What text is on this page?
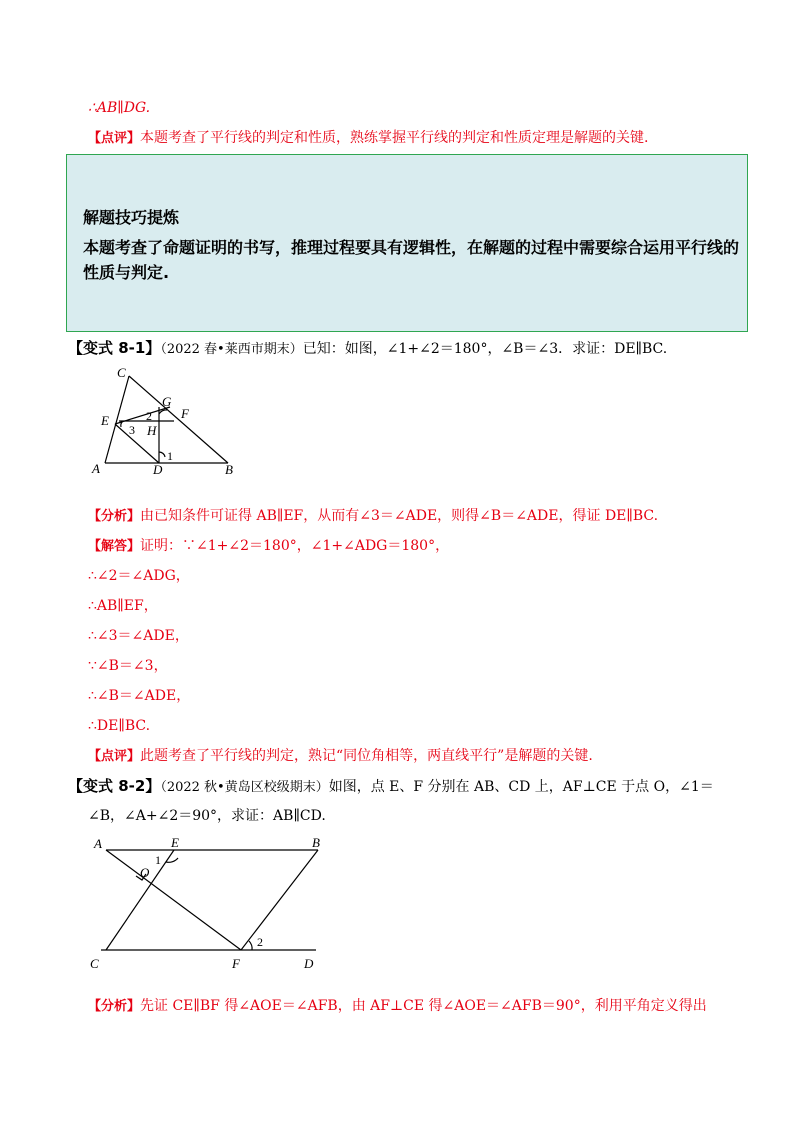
∴AB∥DG.
【点评】本题考查了平行线的判定和性质，熟练掌握平行线的判定和性质定理是解题的关键.
解题技巧提炼
本题考查了命题证明的书写，推理过程要具有逻辑性，在解题的过程中需要综合运用平行线的性质与判定.
【变式 8-1】（2022 春•莱西市期末）已知：如图，∠1+∠2＝180°，∠B＝∠3．求证：DE∥BC.
C
E
G
F
H
A	D	B
1
2
3
【分析】由已知条件可证得 AB∥EF，从而有∠3＝∠ADE，则得∠B＝∠ADE，得证 DE∥BC.
【解答】证明：∵∠1+∠2＝180°，∠1+∠ADG＝180°，
∴∠2＝∠ADG，
∴AB∥EF，
∴∠3＝∠ADE，
∵∠B＝∠3，
∴∠B＝∠ADE，
∴DE∥BC.
【点评】此题考查了平行线的判定，熟记“同位角相等，两直线平行”是解题的关键.
【变式 8-2】（2022 秋•黄岛区校级期末）如图，点 E、F 分别在 AB、CD 上，AF⊥CE 于点 O，∠1＝
∠B，∠A+∠2＝90°，求证：AB∥CD.
A	E	B
O
C	F	D
1
2
【分析】先证 CE∥BF 得∠AOE＝∠AFB，由 AF⊥CE 得∠AOE＝∠AFB＝90°，利用平角定义得出
